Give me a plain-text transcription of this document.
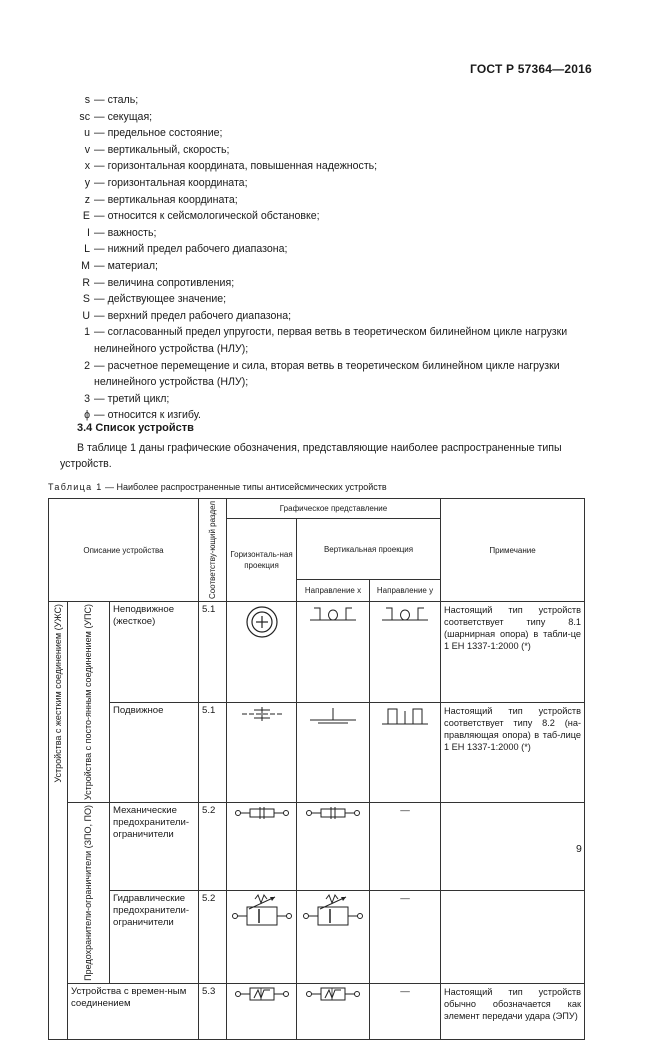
ГОСТ Р 57364—2016
s — сталь;
sc — секущая;
u — предельное состояние;
v — вертикальный, скорость;
x — горизонтальная координата, повышенная надежность;
y — горизонтальная координата;
z — вертикальная координата;
E — относится к сейсмологической обстановке;
I — важность;
L — нижний предел рабочего диапазона;
M — материал;
R — величина сопротивления;
S — действующее значение;
U — верхний предел рабочего диапазона;
1 — согласованный предел упругости, первая ветвь в теоретическом билинейном цикле нагрузки нелинейного устройства (НЛУ);
2 — расчетное перемещение и сила, вторая ветвь в теоретическом билинейном цикле нагрузки нелинейного устройства (НЛУ);
3 — третий цикл;
ϕ — относится к изгибу.
3.4 Список устройств
В таблице 1 даны графические обозначения, представляющие наиболее распространенные типы устройств.
Таблица 1 — Наиболее распространенные типы антисейсмических устройств
Описание устройства			Соответству-ющий раздел	Графическое представление			Примечание
				Горизонталь-ная проекция	Вертикальная проекция		
					Направление x	Направление y	

Устройства с жестким соединением (УЖС)	Устройства с посто-янным соединением (УПС)	Неподвижное (жесткое)	5.1				Настоящий тип устройств соответствует типу 8.1 (шарнирная опора) в табли-це 1 ЕН 1337-1:2000 (*)
		Подвижное	5.1				Настоящий тип устройств соответствует типу 8.2 (на-правляющая опора) в таб-лице 1 ЕН 1337-1:2000 (*)

	Предохранители-ограничители (ЗПО, ПО)	Механические предохранители-ограничители	5.2			—	
		Гидравлические предохранители-ограничители	5.2			—	
	Устройства с времен-ным соединением		5.3			—	Настоящий тип устройств обычно обозначается как элемент передачи удара (ЭПУ)
9
